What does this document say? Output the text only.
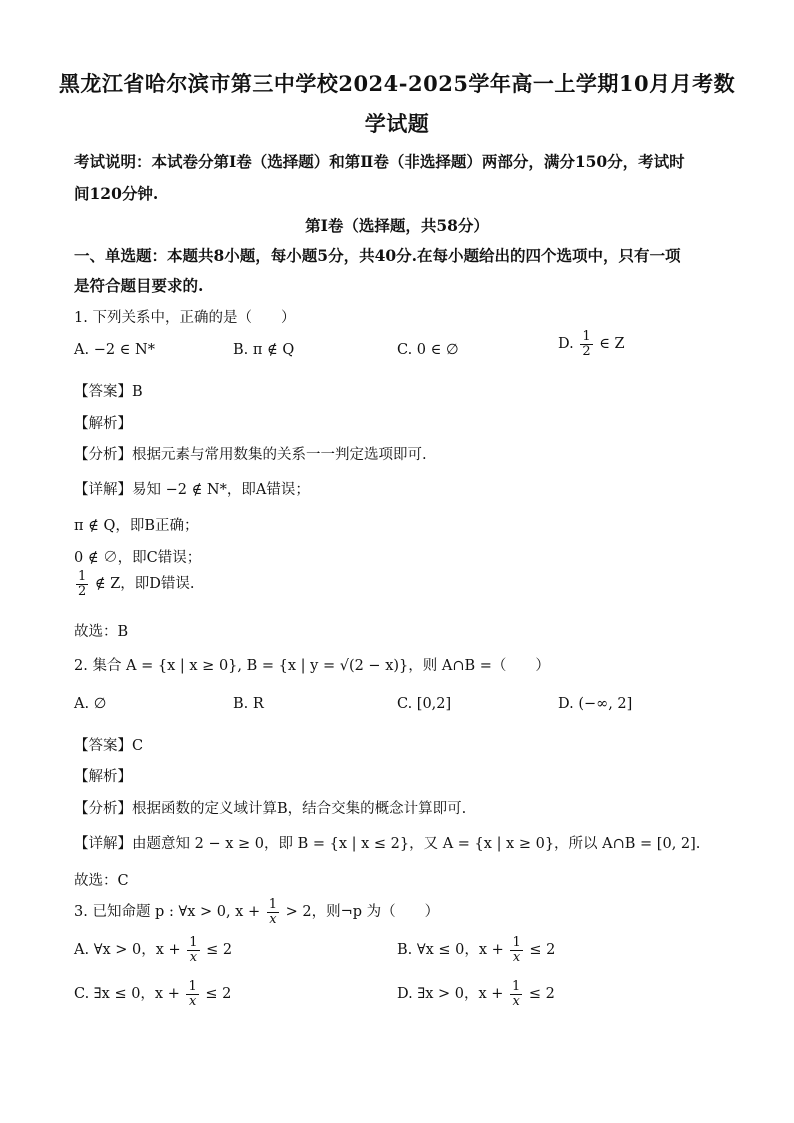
黑龙江省哈尔滨市第三中学校2024-2025学年高一上学期10月月考数
学试题
考试说明：本试卷分第Ⅰ卷（选择题）和第Ⅱ卷（非选择题）两部分，满分150分，考试时
间120分钟.
第Ⅰ卷（选择题，共58分）
一、单选题：本题共8小题，每小题5分，共40分.在每小题给出的四个选项中，只有一项
是符合题目要求的.
1. 下列关系中，正确的是（　　）
A. −2 ∈ N*	B. π ∉ Q	C. 0 ∈ ∅	D. $\frac{1}{2}$ ∈ Z
【答案】B
【解析】
【分析】根据元素与常用数集的关系一一判定选项即可.
【详解】易知 −2 ∉ N*，即A错误；
π ∉ Q，即B正确；
0 ∉ ∅，即C错误；
$\frac{1}{2}$ ∉ Z，即D错误.
故选：B
2. 集合 A = {x | x ≥ 0}, B = {x | y = √(2 − x)}，则 A∩B =（　　）
A. ∅	B. R	C. [0,2]	D. (−∞, 2]
【答案】C
【解析】
【分析】根据函数的定义域计算B，结合交集的概念计算即可.
【详解】由题意知 2 − x ≥ 0，即 B = {x | x ≤ 2}，又 A = {x | x ≥ 0}，所以 A∩B = [0, 2].
故选：C
3. 已知命题 p : ∀x > 0, $x + \frac{1}{x} > 2$，则¬p 为（　　）
A. ∀x > 0，$x + \frac{1}{x} \le 2$	B. ∀x ≤ 0，$x + \frac{1}{x} \le 2$
C. ∃x ≤ 0，$x + \frac{1}{x} \le 2$	D. ∃x > 0，$x + \frac{1}{x} \le 2$
